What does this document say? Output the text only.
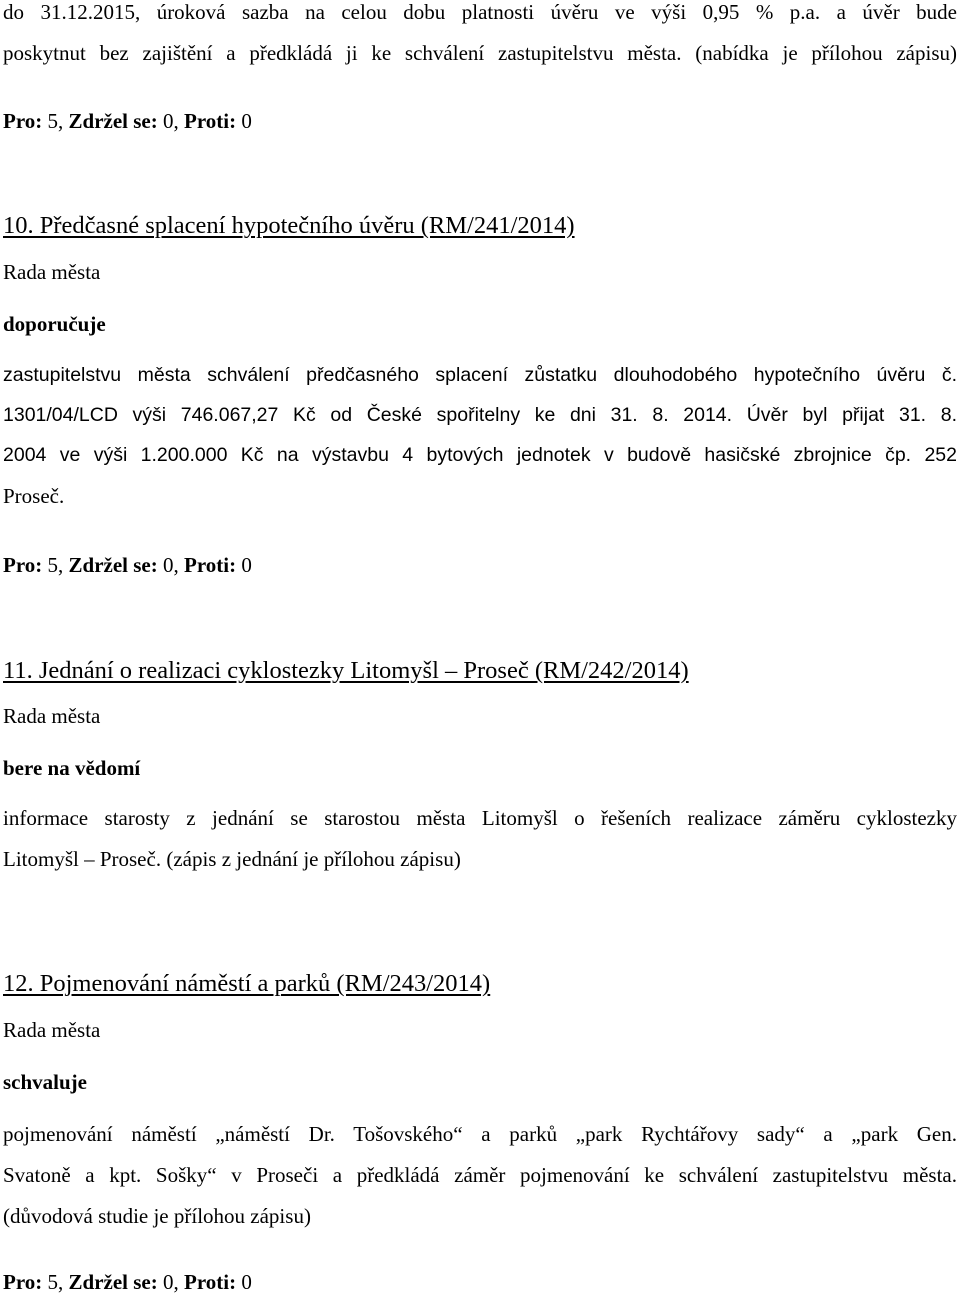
do 31.12.2015, úroková sazba na celou dobu platnosti úvěru ve výši 0,95 % p.a. a úvěr bude
poskytnut bez zajištění a předkládá ji ke schválení zastupitelstvu města. (nabídka je přílohou zápisu)
Pro: 5, Zdržel se: 0, Proti: 0
10. Předčasné splacení hypotečního úvěru (RM/241/2014)
Rada města
doporučuje
zastupitelstvu města schválení předčasného splacení zůstatku dlouhodobého hypotečního úvěru č.
1301/04/LCD výši 746.067,27 Kč od České spořitelny ke dni 31. 8. 2014. Úvěr byl přijat 31. 8.
2004 ve výši 1.200.000 Kč na výstavbu 4 bytových jednotek v budově hasičské zbrojnice čp. 252
Proseč.
Pro: 5, Zdržel se: 0, Proti: 0
11. Jednání o realizaci cyklostezky Litomyšl – Proseč (RM/242/2014)
Rada města
bere na vědomí
informace starosty z jednání se starostou města Litomyšl o řešeních realizace záměru cyklostezky
Litomyšl – Proseč. (zápis z jednání je přílohou zápisu)
12. Pojmenování náměstí a parků (RM/243/2014)
Rada města
schvaluje
pojmenování náměstí „náměstí Dr. Tošovského“ a parků „park Rychtářovy sady“ a „park Gen.
Svatoně a kpt. Sošky“ v Proseči a předkládá záměr pojmenování ke schválení zastupitelstvu města.
(důvodová studie je přílohou zápisu)
Pro: 5, Zdržel se: 0, Proti: 0
